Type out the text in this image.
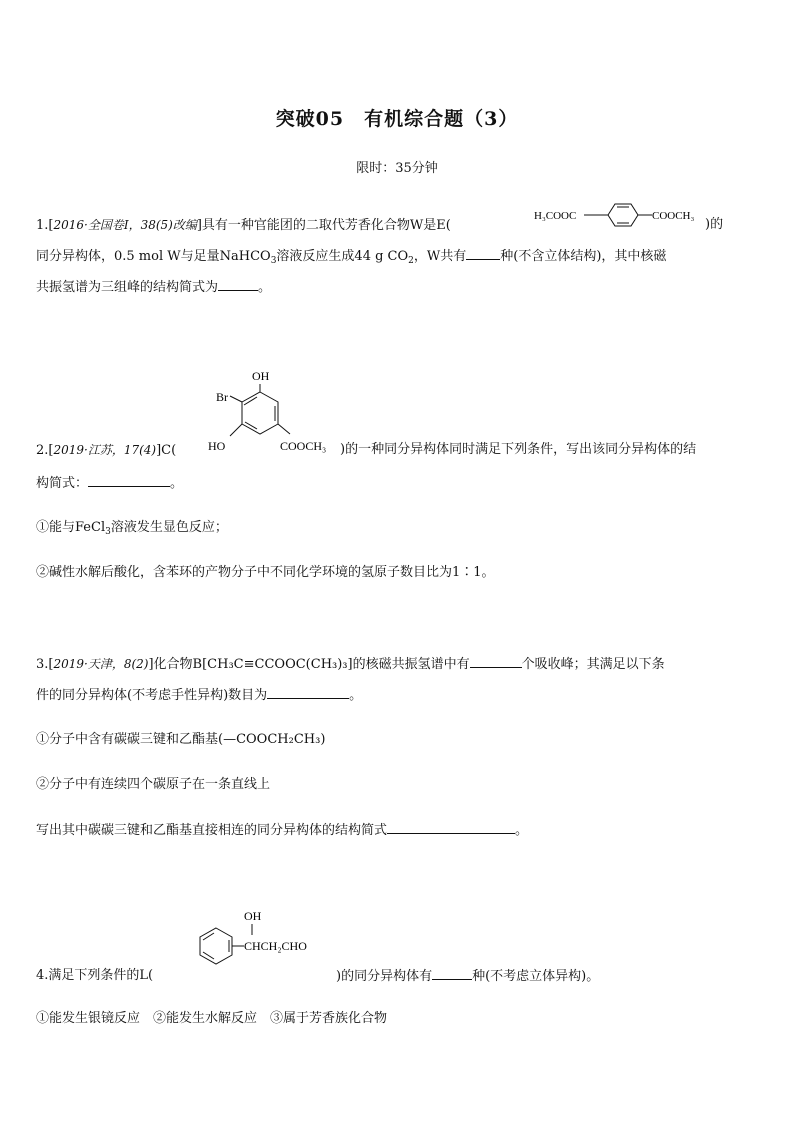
突破05　有机综合题（3）
限时：35分钟
1.[2016·全国卷Ⅰ，38(5)改编]具有一种官能团的二取代芳香化合物W是E(
H₃COOC	COOCH₃
)的
同分异构体，0.5 mol W与足量NaHCO$_3$溶液反应生成44 g $CO_2$，W共有	种(不含立体结构)，其中核磁
共振氢谱为三组峰的结构简式为	。
OH
Br
HO	COOCH₃
2.[2019·江苏，17(4)]C(	)的一种同分异构体同时满足下列条件，写出该同分异构体的结
构简式：	。
①能与FeCl$_3$溶液发生显色反应；
②碱性水解后酸化，含苯环的产物分子中不同化学环境的氢原子数目比为1∶1。
3.[2019·天津，8(2)]化合物B[CH₃C≡CCOOC(CH₃)₃]的核磁共振氢谱中有	个吸收峰；其满足以下条
件的同分异构体(不考虑手性异构)数目为	。
①分子中含有碳碳三键和乙酯基(—COOCH₂CH₃)
②分子中有连续四个碳原子在一条直线上
写出其中碳碳三键和乙酯基直接相连的同分异构体的结构简式	。
OH
CHCH₂CHO
4.满足下列条件的L(	)的同分异构体有	种(不考虑立体异构)。
①能发生银镜反应　②能发生水解反应　③属于芳香族化合物
